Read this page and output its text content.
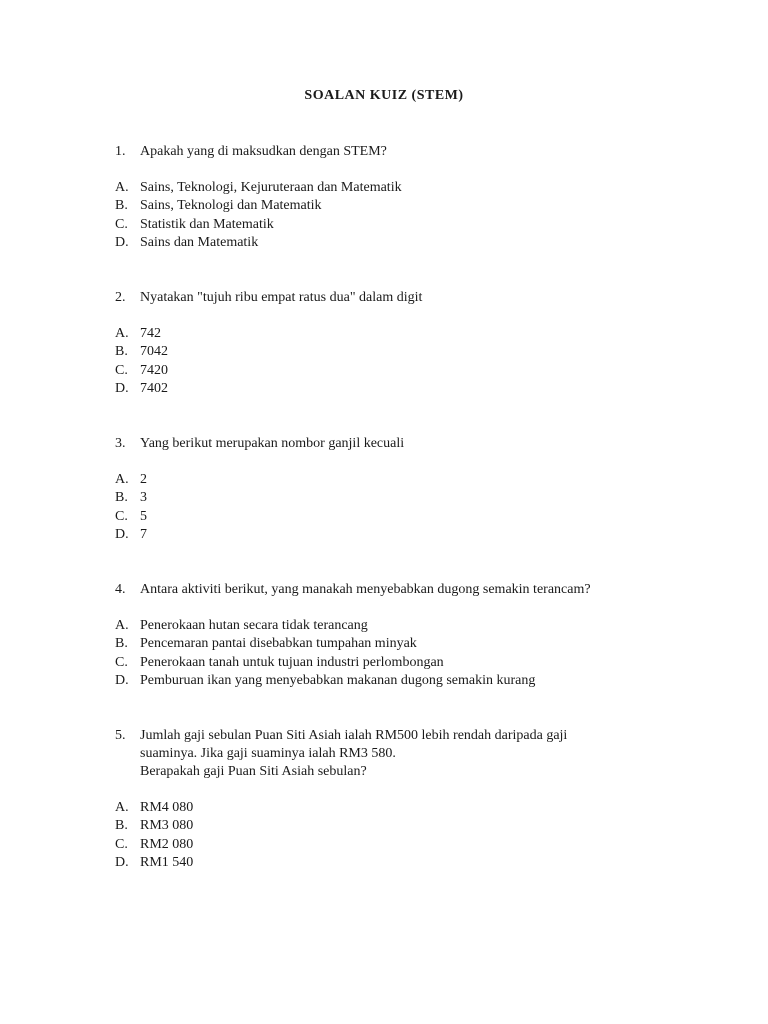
SOALAN KUIZ (STEM)
1. Apakah yang di maksudkan dengan STEM?
A. Sains, Teknologi, Kejuruteraan dan Matematik
B. Sains, Teknologi dan Matematik
C. Statistik dan Matematik
D. Sains dan Matematik
2. Nyatakan "tujuh ribu empat ratus dua" dalam digit
A. 742
B. 7042
C. 7420
D. 7402
3. Yang berikut merupakan nombor ganjil kecuali
A. 2
B. 3
C. 5
D. 7
4. Antara aktiviti berikut, yang manakah menyebabkan dugong semakin terancam?
A. Penerokaan hutan secara tidak terancang
B. Pencemaran pantai disebabkan tumpahan minyak
C. Penerokaan tanah untuk tujuan industri perlombongan
D. Pemburuan ikan yang menyebabkan makanan dugong semakin kurang
5. Jumlah gaji sebulan Puan Siti Asiah ialah RM500 lebih rendah daripada gaji
suaminya. Jika gaji suaminya ialah RM3 580.
Berapakah gaji Puan Siti Asiah sebulan?
A. RM4 080
B. RM3 080
C. RM2 080
D. RM1 540
